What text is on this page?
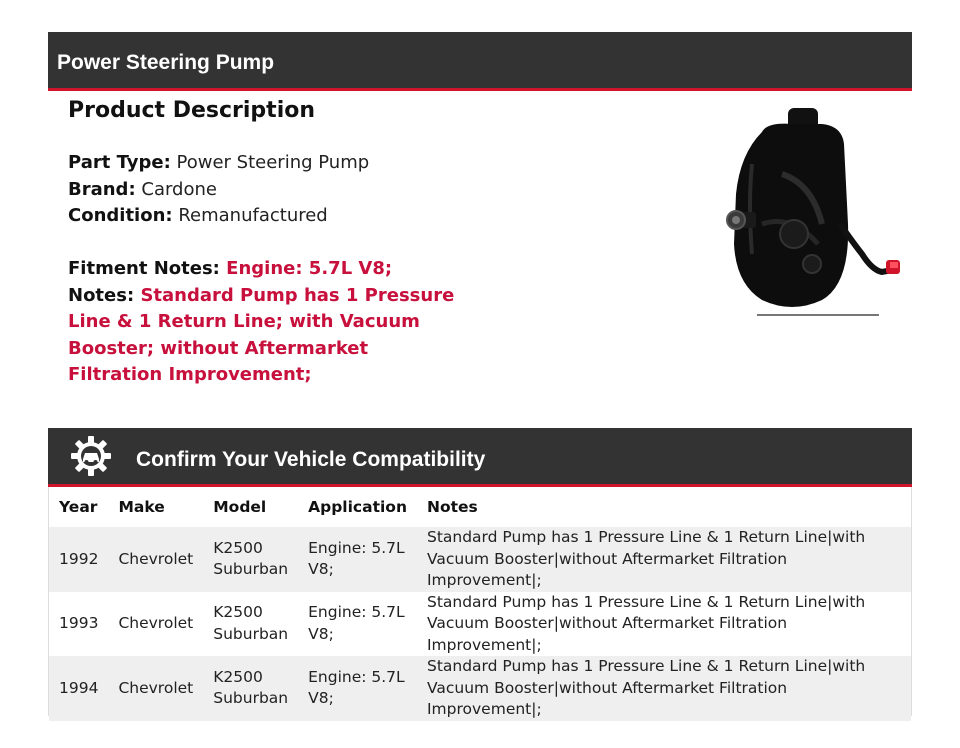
Power Steering Pump
Product Description
Part Type: Power Steering Pump
Brand: Cardone
Condition: Remanufactured
Fitment Notes: Engine: 5.7L V8;
Notes: Standard Pump has 1 Pressure Line & 1 Return Line; with Vacuum Booster; without Aftermarket Filtration Improvement;
Confirm Your Vehicle Compatibility
Year	Make	Model	Application	Notes
1992	Chevrolet	K2500 Suburban	Engine: 5.7L V8;	Standard Pump has 1 Pressure Line & 1 Return Line|with Vacuum Booster|without Aftermarket Filtration Improvement|;
1993	Chevrolet	K2500 Suburban	Engine: 5.7L V8;	Standard Pump has 1 Pressure Line & 1 Return Line|with Vacuum Booster|without Aftermarket Filtration Improvement|;
1994	Chevrolet	K2500 Suburban	Engine: 5.7L V8;	Standard Pump has 1 Pressure Line & 1 Return Line|with Vacuum Booster|without Aftermarket Filtration Improvement|;
